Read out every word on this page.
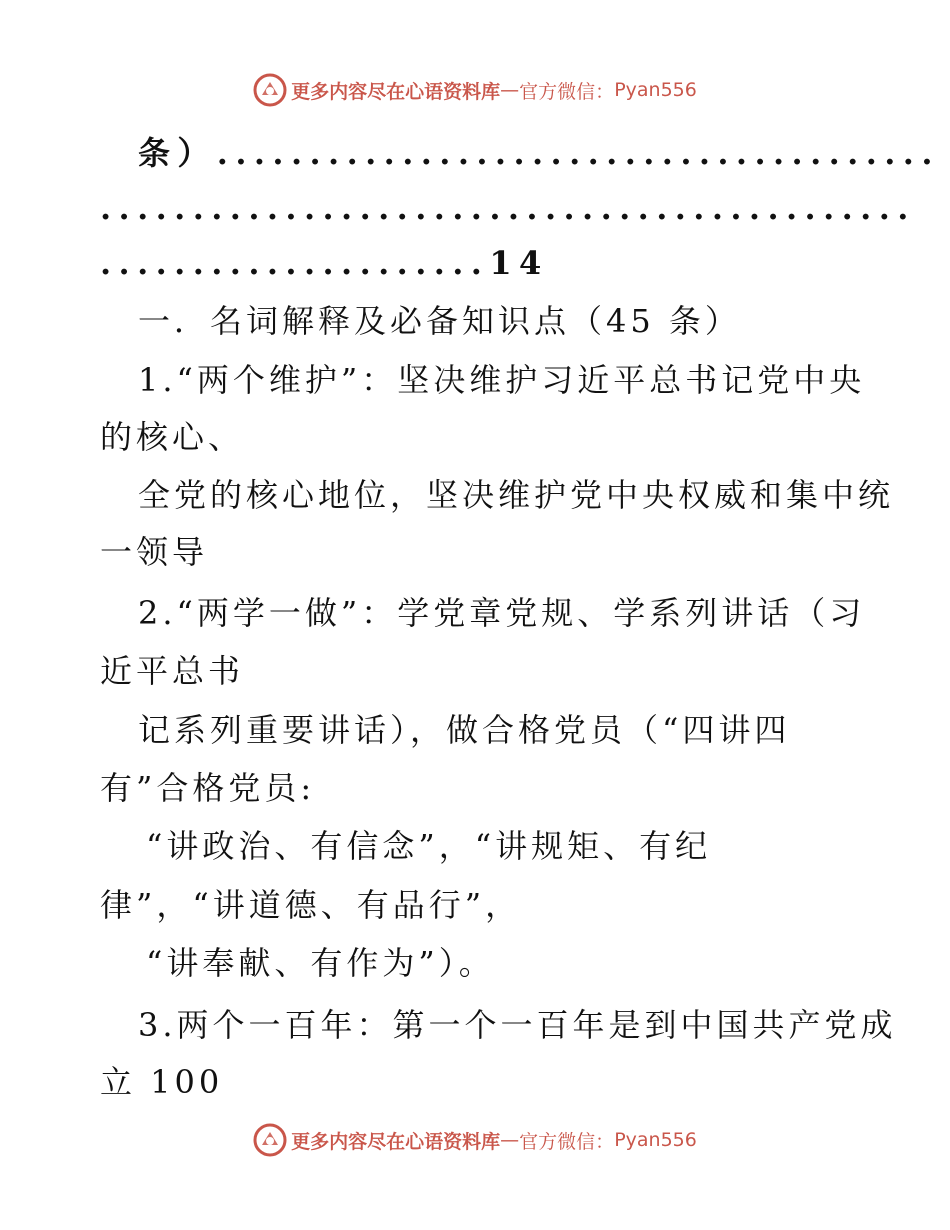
更多内容尽在心语资料库 — 官方微信： Pyan556
条）.......................................
............................................
.....................14
一．名词解释及必备知识点（45 条）
1.“两个维护”：坚决维护习近平总书记党中央
的核心、
全党的核心地位，坚决维护党中央权威和集中统
一领导
2.“两学一做”：学党章党规、学系列讲话（习
近平总书
记系列重要讲话），做合格党员（“四讲四
有”合格党员:
“讲政治、有信念”，“讲规矩、有纪
律”，“讲道德、有品行”，
“讲奉献、有作为”）。
3.两个一百年：第一个一百年是到中国共产党成
立 100
更多内容尽在心语资料库 — 官方微信： Pyan556
